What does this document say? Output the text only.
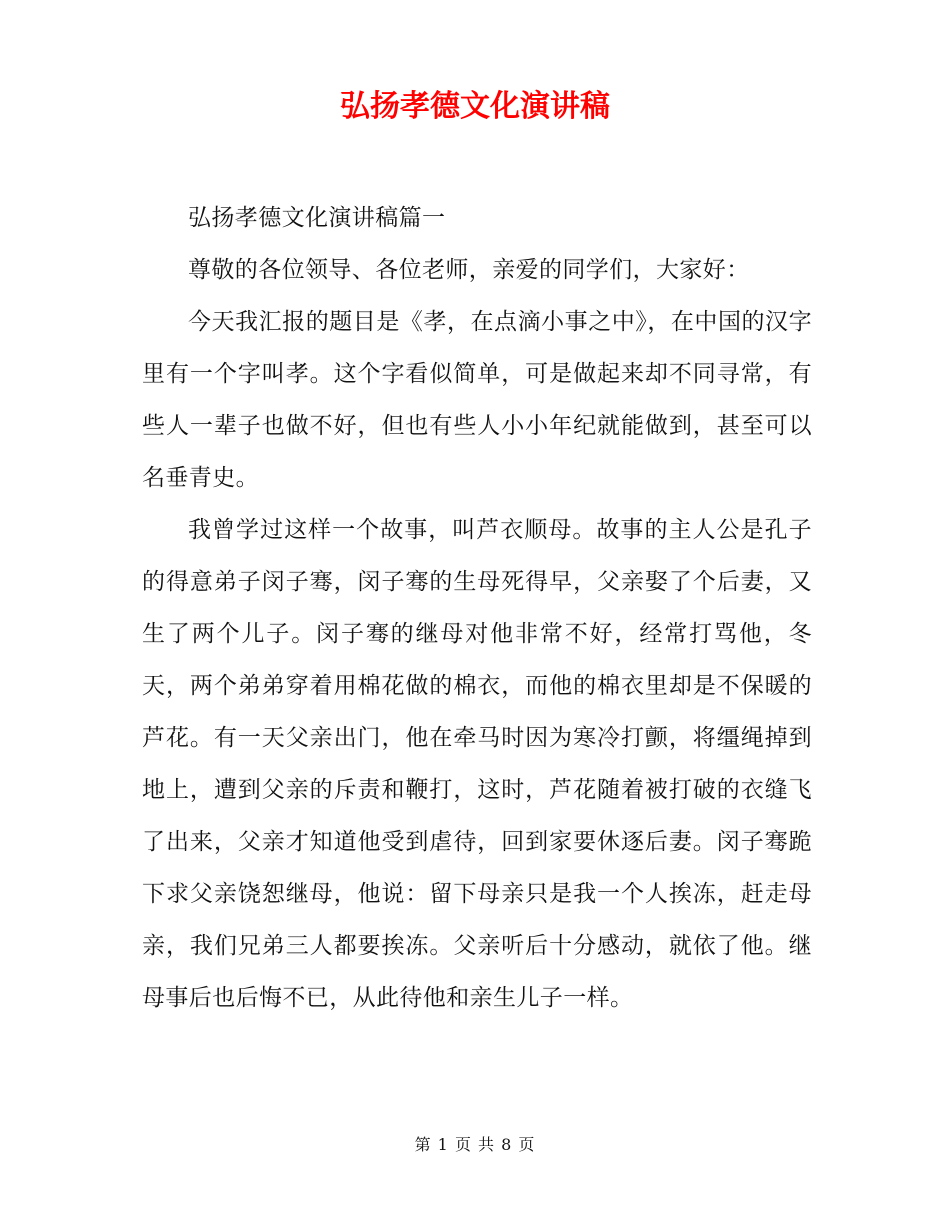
弘扬孝德文化演讲稿

弘扬孝德文化演讲稿篇一

尊敬的各位领导、各位老师，亲爱的同学们，大家好：

今天我汇报的题目是《孝，在点滴小事之中》，在中国的汉字里有一个字叫孝。这个字看似简单，可是做起来却不同寻常，有些人一辈子也做不好，但也有些人小小年纪就能做到，甚至可以名垂青史。

我曾学过这样一个故事，叫芦衣顺母。故事的主人公是孔子的得意弟子闵子骞，闵子骞的生母死得早，父亲娶了个后妻，又生了两个儿子。闵子骞的继母对他非常不好，经常打骂他，冬天，两个弟弟穿着用棉花做的棉衣，而他的棉衣里却是不保暖的芦花。有一天父亲出门，他在牵马时因为寒冷打颤，将缰绳掉到地上，遭到父亲的斥责和鞭打，这时，芦花随着被打破的衣缝飞了出来，父亲才知道他受到虐待，回到家要休逐后妻。闵子骞跪下求父亲饶恕继母，他说：留下母亲只是我一个人挨冻，赶走母亲，我们兄弟三人都要挨冻。父亲听后十分感动，就依了他。继母事后也后悔不已，从此待他和亲生儿子一样。

第 1 页 共 8 页
